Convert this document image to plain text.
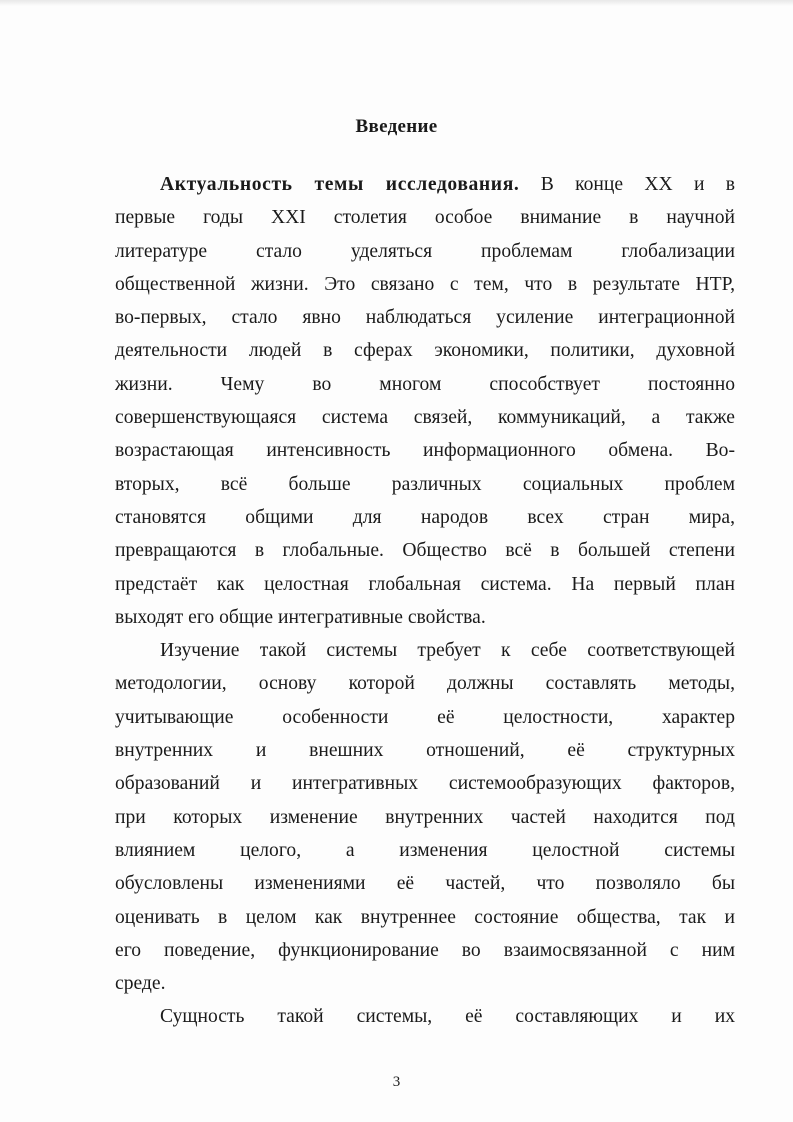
Введение
Актуальность темы исследования. В конце XX и в
первые годы XXI столетия особое внимание в научной
литературе стало уделяться проблемам глобализации
общественной жизни. Это связано с тем, что в результате НТР,
во-первых, стало явно наблюдаться усиление интеграционной
деятельности людей в сферах экономики, политики, духовной
жизни. Чему во многом способствует постоянно
совершенствующаяся система связей, коммуникаций, а также
возрастающая интенсивность информационного обмена. Во-
вторых, всё больше различных социальных проблем
становятся общими для народов всех стран мира,
превращаются в глобальные. Общество всё в большей степени
предстаёт как целостная глобальная система. На первый план
выходят его общие интегративные свойства.
Изучение такой системы требует к себе соответствующей
методологии, основу которой должны составлять методы,
учитывающие особенности её целостности, характер
внутренних и внешних отношений, её структурных
образований и интегративных системообразующих факторов,
при которых изменение внутренних частей находится под
влиянием целого, а изменения целостной системы
обусловлены изменениями её частей, что позволяло бы
оценивать в целом как внутреннее состояние общества, так и
его поведение, функционирование во взаимосвязанной с ним
среде.
Сущность такой системы, её составляющих и их
3
